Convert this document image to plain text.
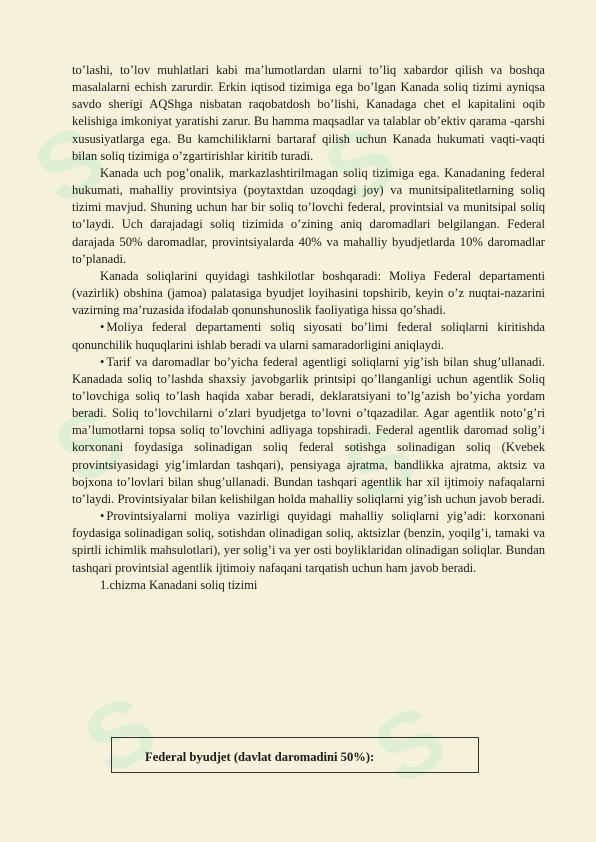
S S
S S
S S

to’lashi, to’lov muhlatlari kabi ma’lumotlardan ularni to’liq xabardor qilish va boshqa masalalarni echish zarurdir. Erkin iqtisod tizimiga ega bo’lgan Kanada soliq tizimi ayniqsa savdo sherigi AQShga nisbatan raqobatdosh bo’lishi, Kanadaga chet el kapitalini oqib kelishiga imkoniyat yaratishi zarur. Bu hamma maqsadlar va talablar ob’ektiv qarama -qarshi xususiyatlarga ega. Bu kamchiliklarni bartaraf qilish uchun Kanada hukumati vaqti-vaqti bilan soliq tizimiga o’zgartirishlar kiritib turadi.

Kanada uch pog’onalik, markazlashtirilmagan soliq tizimiga ega. Kanadaning federal hukumati, mahalliy provintsiya (poytaxtdan uzoqdagi joy) va munitsipalitetlarning soliq tizimi mavjud. Shuning uchun har bir soliq to’lovchi federal, provintsial va munitsipal soliq to’laydi. Uch darajadagi soliq tizimida o’zining aniq daromadlari belgilangan. Federal darajada 50% daromadlar, provintsiyalarda 40% va mahalliy byudjetlarda 10% daromadlar to’planadi.

Kanada soliqlarini quyidagi tashkilotlar boshqaradi: Moliya Federal departamenti (vazirlik) obshina (jamoa) palatasiga byudjet loyihasini topshirib, keyin o’z nuqtai-nazarini vazirning ma’ruzasida ifodalab qonunshunoslik faoliyatiga hissa qo’shadi.

• Moliya federal departamenti soliq siyosati bo’limi federal soliqlarni kiritishda qonunchilik huquqlarini ishlab beradi va ularni samaradorligini aniqlaydi.

• Tarif va daromadlar bo’yicha federal agentligi soliqlarni yig’ish bilan shug’ullanadi. Kanadada soliq to’lashda shaxsiy javobgarlik printsipi qo’llanganligi uchun agentlik Soliq to’lovchiga soliq to’lash haqida xabar beradi, deklaratsiyani to’lg’azish bo’yicha yordam beradi. Soliq to’lovchilarni o’zlari byudjetga to’lovni o’tqazadilar. Agar agentlik noto’g’ri ma’lumotlarni topsa soliq to’lovchini adliyaga topshiradi. Federal agentlik daromad solig’i korxonani foydasiga solinadigan soliq federal sotishga solinadigan soliq (Kvebek provintsiyasidagi yig’imlardan tashqari), pensiyaga ajratma, bandlikka ajratma, aktsiz va bojxona to’lovlari bilan shug’ullanadi. Bundan tashqari agentlik har xil ijtimoiy nafaqalarni to’laydi. Provintsiyalar bilan kelishilgan holda mahalliy soliqlarni yig’ish uchun javob beradi.

• Provintsiyalarni moliya vazirligi quyidagi mahalliy soliqlarni yig’adi: korxonani foydasiga solinadigan soliq, sotishdan olinadigan soliq, aktsizlar (benzin, yoqilg’i, tamaki va spirtli ichimlik mahsulotlari), yer solig’i va yer osti boyliklaridan olinadigan soliqlar. Bundan tashqari provintsial agentlik ijtimoiy nafaqani tarqatish uchun ham javob beradi.

1.chizma Kanadani soliq tizimi

Federal byudjet (davlat daromadini 50%):
